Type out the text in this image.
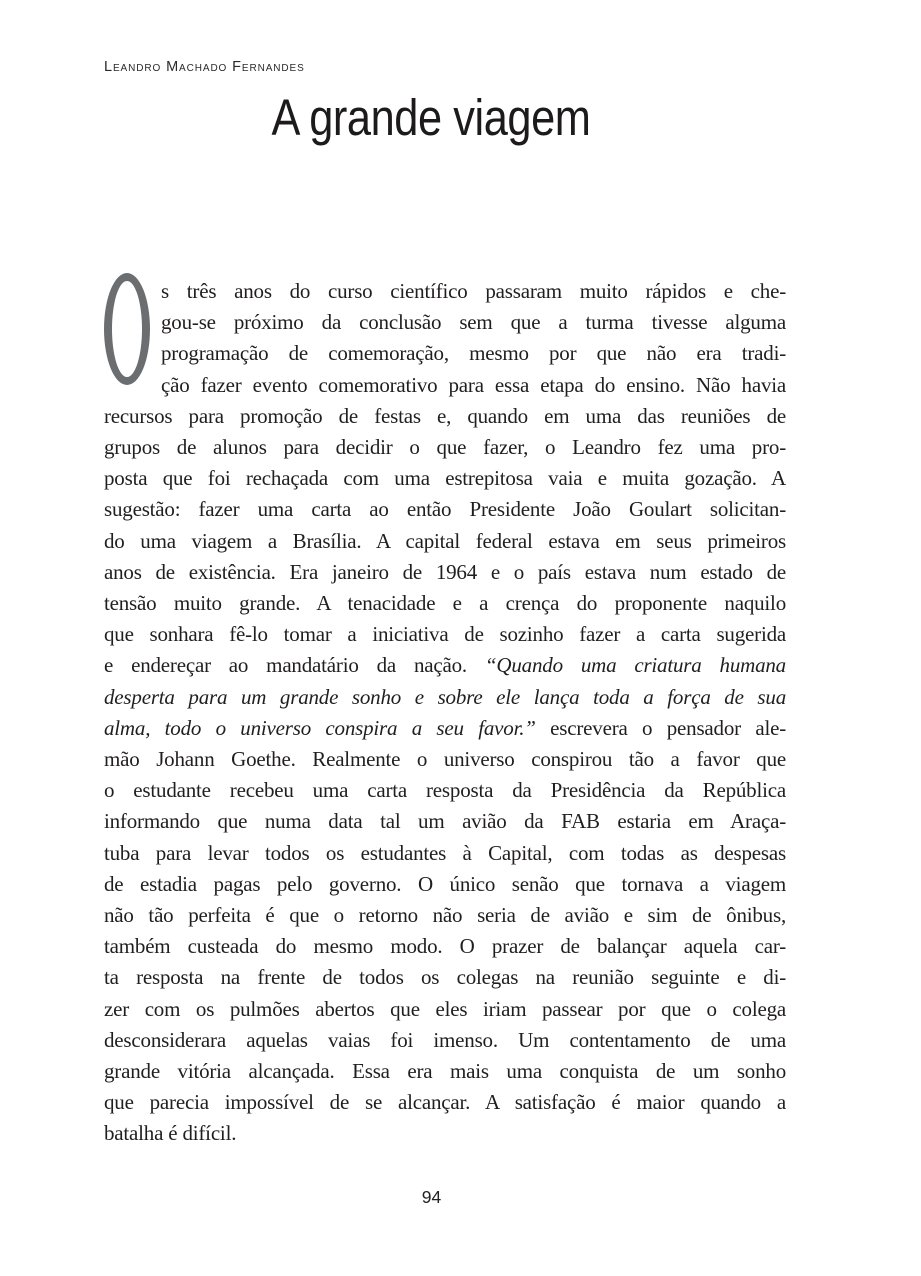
Leandro Machado Fernandes
A grande viagem
s três anos do curso científico passaram muito rápidos e che-
gou-se próximo da conclusão sem que a turma tivesse alguma
programação de comemoração, mesmo por que não era tradi-
ção fazer evento comemorativo para essa etapa do ensino. Não havia
recursos para promoção de festas e, quando em uma das reuniões de
grupos de alunos para decidir o que fazer, o Leandro fez uma pro-
posta que foi rechaçada com uma estrepitosa vaia e muita gozação. A
sugestão: fazer uma carta ao então Presidente João Goulart solicitan-
do uma viagem a Brasília. A capital federal estava em seus primeiros
anos de existência. Era janeiro de 1964 e o país estava num estado de
tensão muito grande. A tenacidade e a crença do proponente naquilo
que sonhara fê-lo tomar a iniciativa de sozinho fazer a carta sugerida
e endereçar ao mandatário da nação. “Quando uma criatura humana
desperta para um grande sonho e sobre ele lança toda a força de sua
alma, todo o universo conspira a seu favor.” escrevera o pensador ale-
mão Johann Goethe. Realmente o universo conspirou tão a favor que
o estudante recebeu uma carta resposta da Presidência da República
informando que numa data tal um avião da FAB estaria em Araça-
tuba para levar todos os estudantes à Capital, com todas as despesas
de estadia pagas pelo governo. O único senão que tornava a viagem
não tão perfeita é que o retorno não seria de avião e sim de ônibus,
também custeada do mesmo modo. O prazer de balançar aquela car-
ta resposta na frente de todos os colegas na reunião seguinte e di-
zer com os pulmões abertos que eles iriam passear por que o colega
desconsiderara aquelas vaias foi imenso. Um contentamento de uma
grande vitória alcançada. Essa era mais uma conquista de um sonho
que parecia impossível de se alcançar. A satisfação é maior quando a
batalha é difícil.
94
